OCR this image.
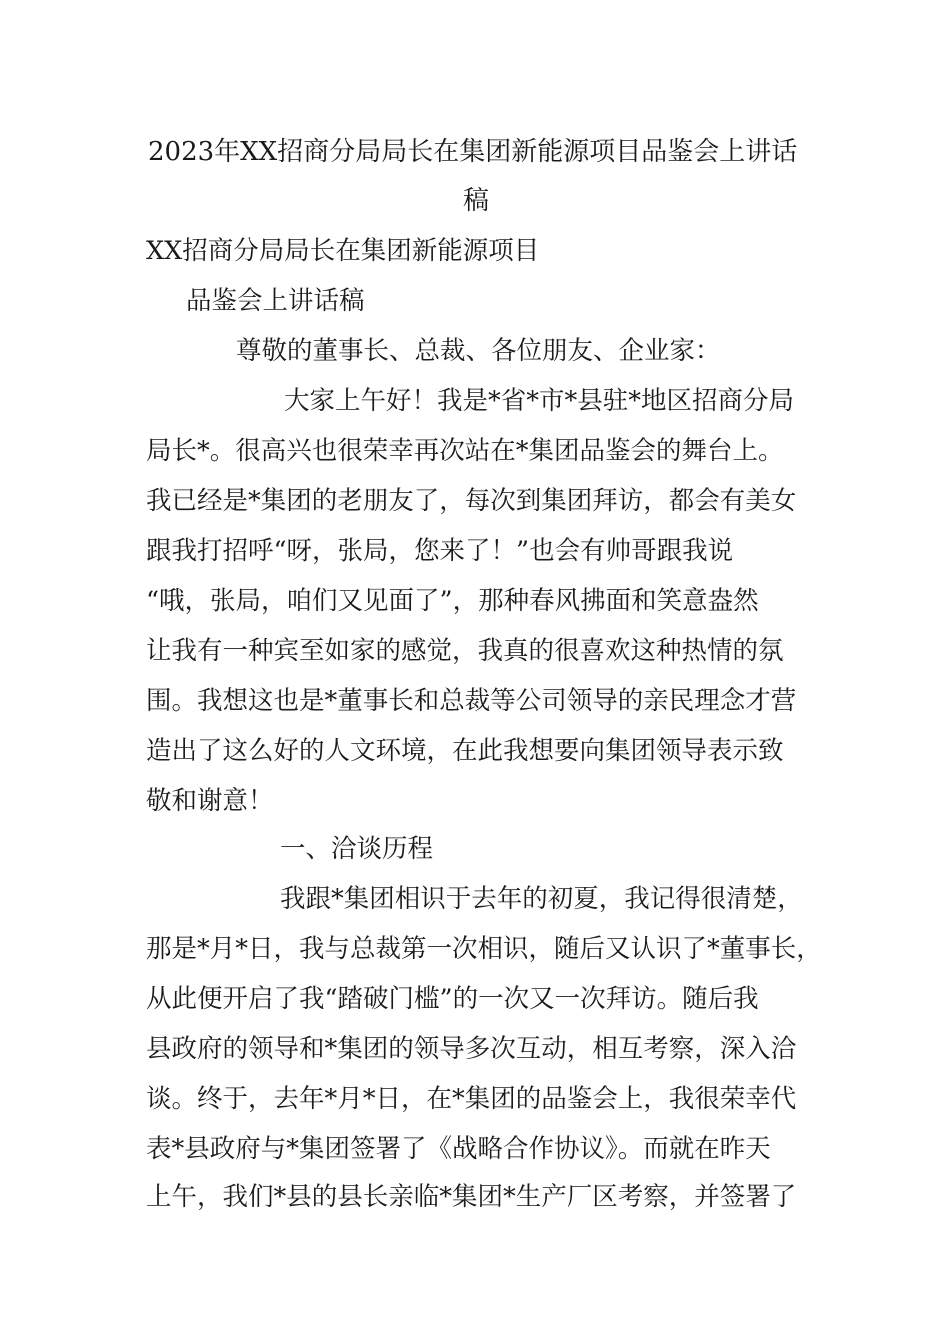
2023年XX招商分局局长在集团新能源项目品鉴会上讲话
稿
XX招商分局局长在集团新能源项目
品鉴会上讲话稿
尊敬的董事长、总裁、各位朋友、企业家：
大家上午好！我是*省*市*县驻*地区招商分局
局长*。很高兴也很荣幸再次站在*集团品鉴会的舞台上。
我已经是*集团的老朋友了，每次到集团拜访，都会有美女
跟我打招呼“呀，张局，您来了！”也会有帅哥跟我说
“哦，张局，咱们又见面了”，那种春风拂面和笑意盎然
让我有一种宾至如家的感觉，我真的很喜欢这种热情的氛
围。我想这也是*董事长和总裁等公司领导的亲民理念才营
造出了这么好的人文环境，在此我想要向集团领导表示致
敬和谢意！
一、洽谈历程
我跟*集团相识于去年的初夏，我记得很清楚，
那是*月*日，我与总裁第一次相识，随后又认识了*董事长，
从此便开启了我“踏破门槛”的一次又一次拜访。随后我
县政府的领导和*集团的领导多次互动，相互考察，深入洽
谈。终于，去年*月*日，在*集团的品鉴会上，我很荣幸代
表*县政府与*集团签署了《战略合作协议》。而就在昨天
上午，我们*县的县长亲临*集团*生产厂区考察，并签署了
